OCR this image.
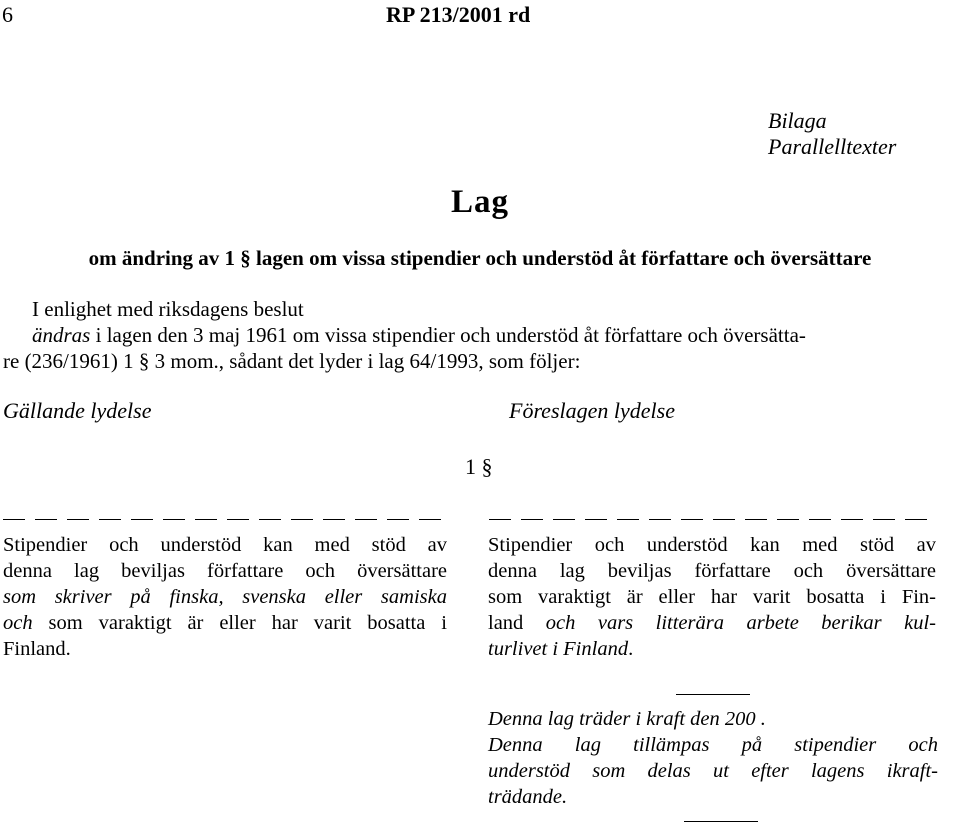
6	RP 213/2001 rd
Bilaga
Parallelltexter
Lag
om ändring av 1 § lagen om vissa stipendier och understöd åt författare och översättare
I enlighet med riksdagens beslut
ändras i lagen den 3 maj 1961 om vissa stipendier och understöd åt författare och översätta-
re (236/1961) 1 § 3 mom., sådant det lyder i lag 64/1993, som följer:
Gällande lydelse	Föreslagen lydelse
1 §
Stipendier och understöd kan med stöd av
denna lag beviljas författare och översättare
som skriver på finska, svenska eller samiska
och som varaktigt är eller har varit bosatta i
Finland.
Stipendier och understöd kan med stöd av
denna lag beviljas författare och översättare
som varaktigt är eller har varit bosatta i Fin-
land och vars litterära arbete berikar kul-
turlivet i Finland.
Denna lag träder i kraft den 200 .
Denna lag tillämpas på stipendier och
understöd som delas ut efter lagens ikraft-
trädande.
